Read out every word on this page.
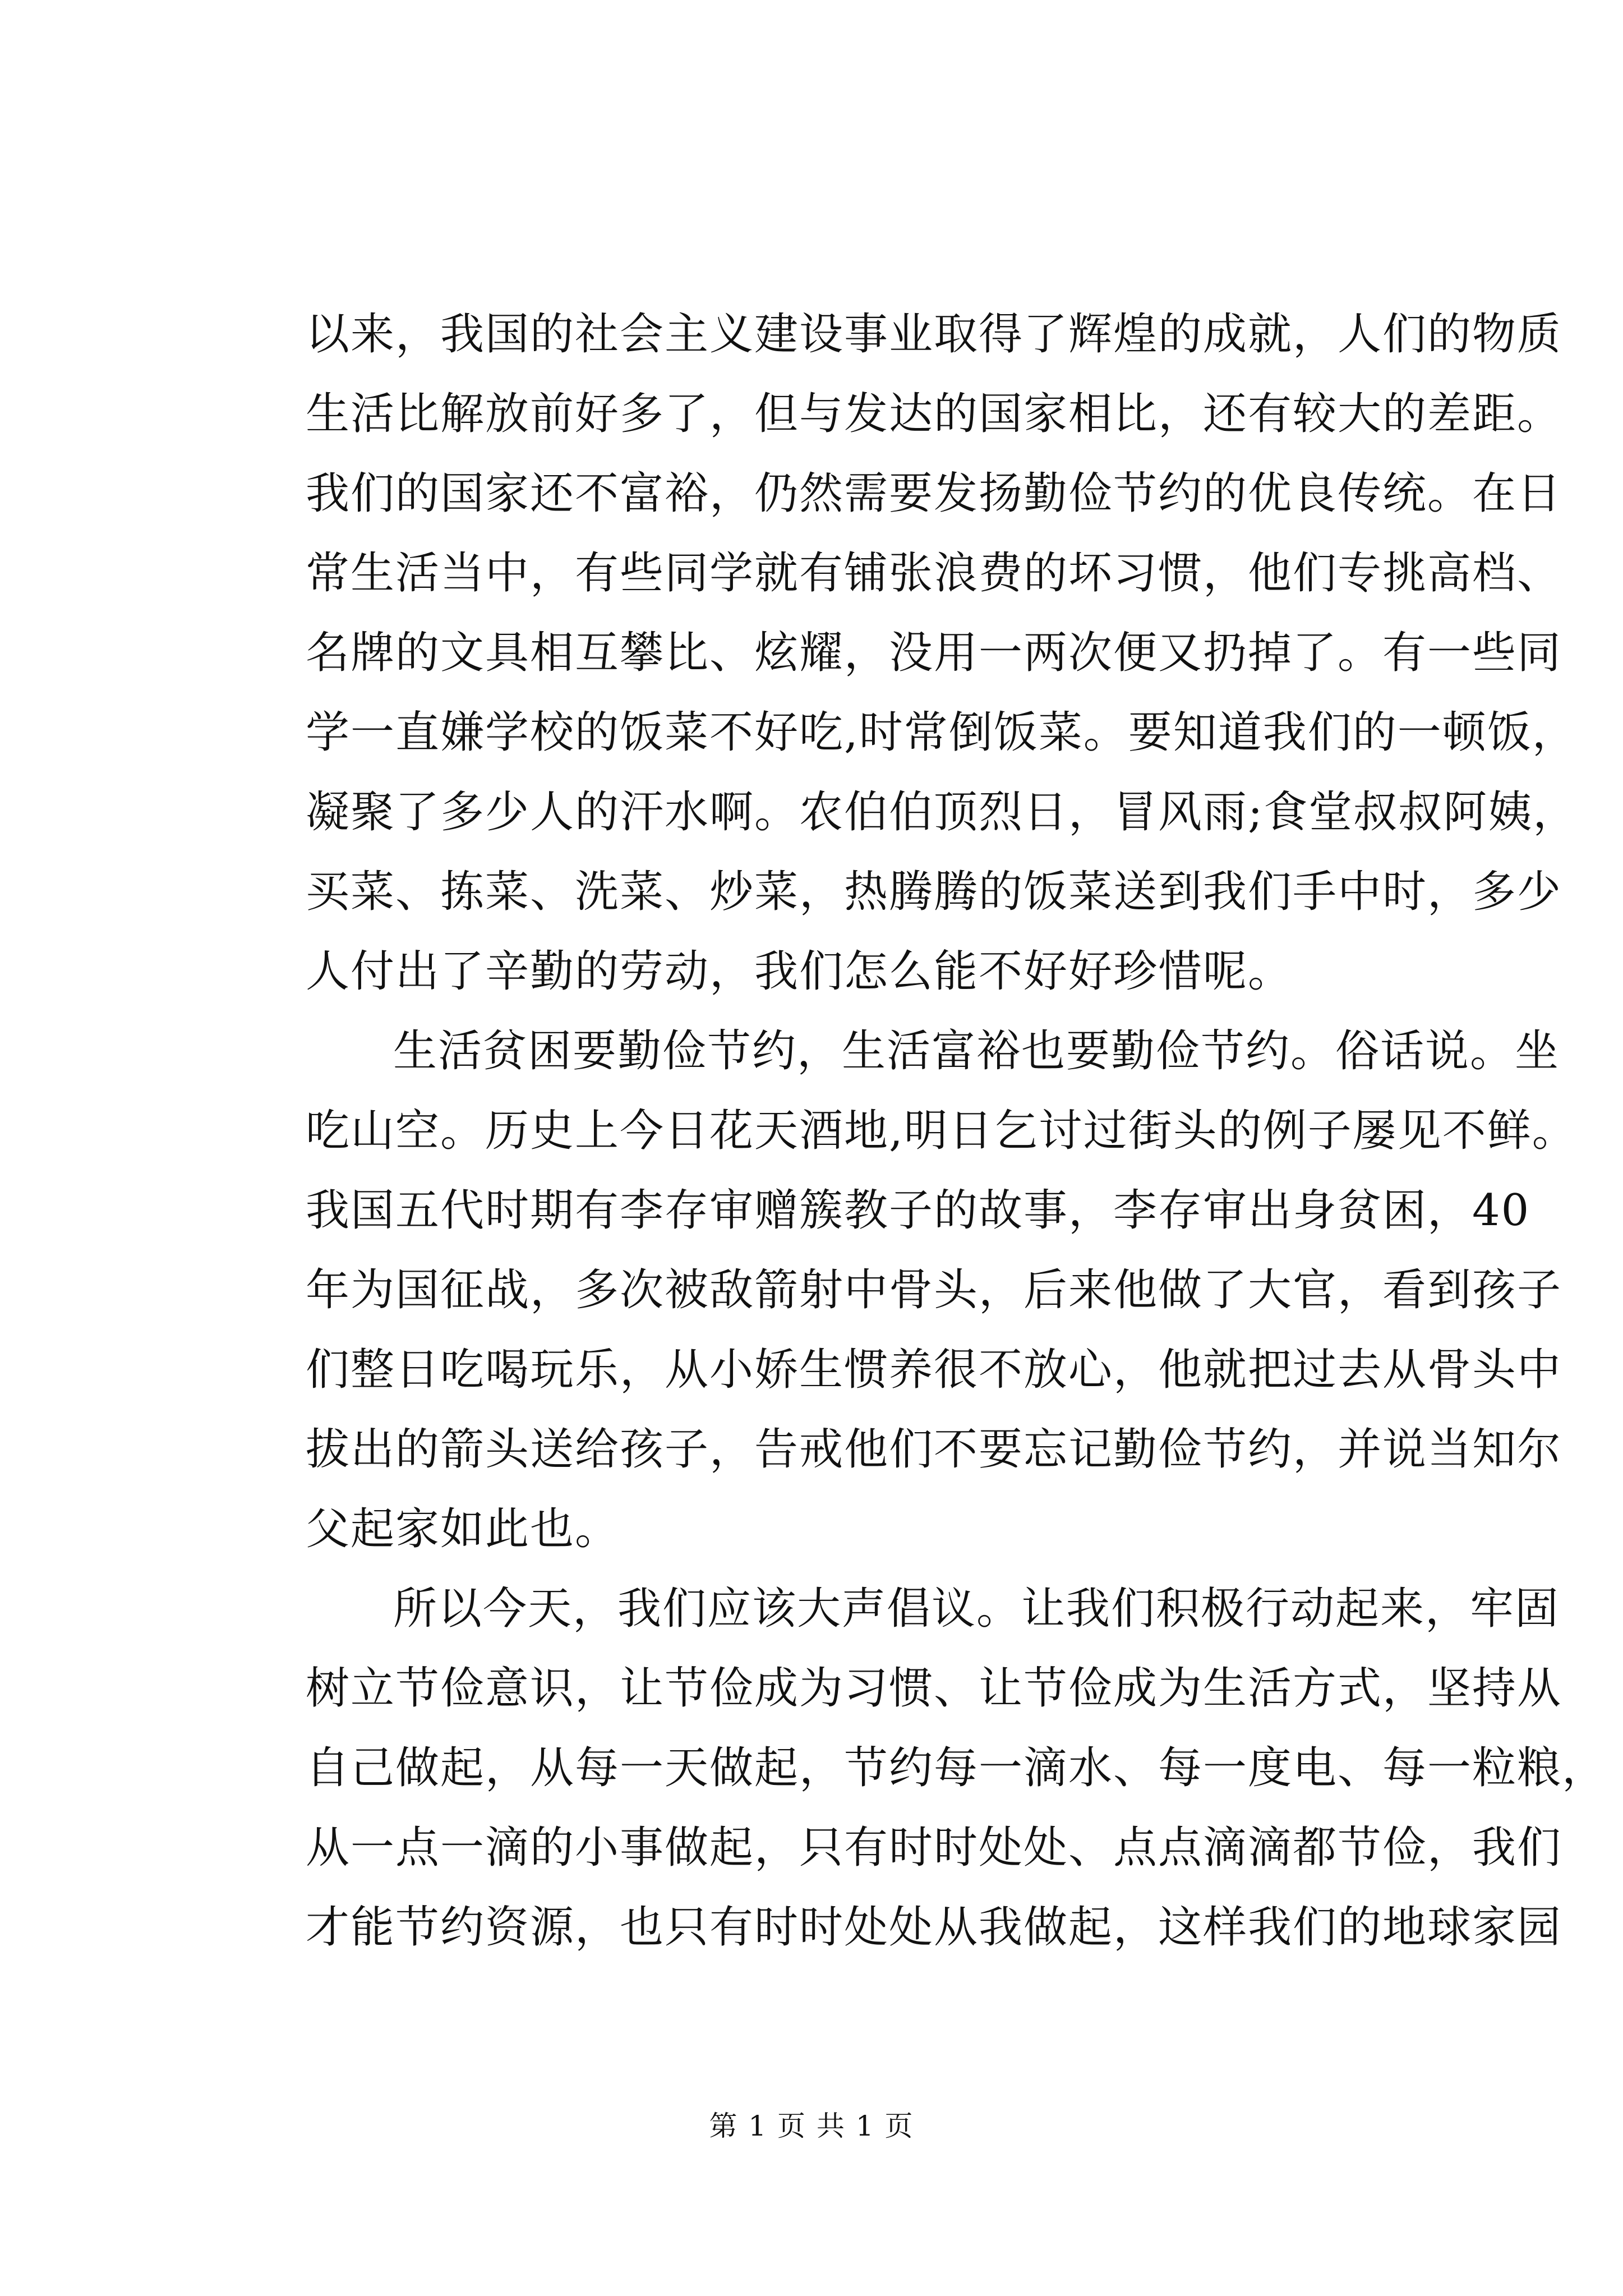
以来，我国的社会主义建设事业取得了辉煌的成就，人们的物质
生活比解放前好多了，但与发达的国家相比，还有较大的差距。
我们的国家还不富裕，仍然需要发扬勤俭节约的优良传统。在日
常生活当中，有些同学就有铺张浪费的坏习惯，他们专挑高档、
名牌的文具相互攀比、炫耀，没用一两次便又扔掉了。有一些同
学一直嫌学校的饭菜不好吃,时常倒饭菜。要知道我们的一顿饭，
凝聚了多少人的汗水啊。农伯伯顶烈日，冒风雨;食堂叔叔阿姨，
买菜、拣菜、洗菜、炒菜，热腾腾的饭菜送到我们手中时，多少
人付出了辛勤的劳动，我们怎么能不好好珍惜呢。
生活贫困要勤俭节约，生活富裕也要勤俭节约。俗话说。坐
吃山空。历史上今日花天酒地,明日乞讨过街头的例子屡见不鲜。
我国五代时期有李存审赠簇教子的故事，李存审出身贫困，40
年为国征战，多次被敌箭射中骨头，后来他做了大官，看到孩子
们整日吃喝玩乐，从小娇生惯养很不放心，他就把过去从骨头中
拔出的箭头送给孩子，告戒他们不要忘记勤俭节约，并说当知尔
父起家如此也。
所以今天，我们应该大声倡议。让我们积极行动起来，牢固
树立节俭意识，让节俭成为习惯、让节俭成为生活方式，坚持从
自己做起，从每一天做起，节约每一滴水、每一度电、每一粒粮，
从一点一滴的小事做起，只有时时处处、点点滴滴都节俭，我们
才能节约资源，也只有时时处处从我做起，这样我们的地球家园
第 1 页 共 1 页
